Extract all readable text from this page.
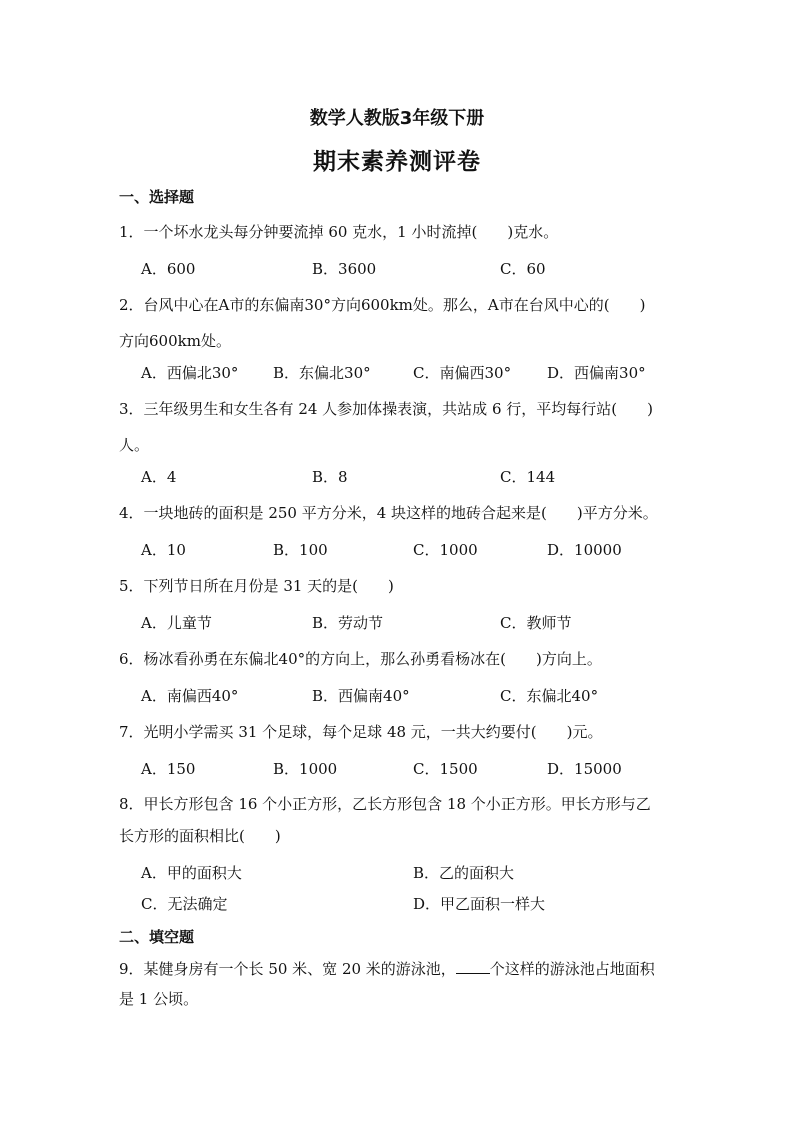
数学人教版3年级下册
期末素养测评卷
一、选择题
1．一个坏水龙头每分钟要流掉 60 克水，1 小时流掉 (  )	克水。
A．600	B．3600	C．60
2．台风中心在A市的东偏南30°方向600km处。那么，A市在台风中心的(  )
方向600km处。
A．西偏北30° B．东偏北30°	C．南偏西30° D．西偏南30°
3．三年级男生和女生各有 24 人参加体操表演，共站成 6 行，平均每行站(  )
人。
A．4	B．8	C．144
4．一块地砖的面积是 250 平方分米，4 块这样的地砖合起来是 (  )	平方分米。
A．10	B．100	C．1000	D．10000
5．下列节日所在月份是 31 天的是(  )
A．儿童节	B．劳动节	C．教师节
6．杨冰看孙勇在东偏北40°的方向上，那么孙勇看杨冰在 (  )	方向上。
A．南偏西40°	B．西偏南40°	C．东偏北40°
7．光明小学需买 31 个足球，每个足球 48 元，一共大约要付 (  )	元。
A．150	B．1000	C．1500	D．15000
8．甲长方形包含 16 个小正方形，乙长方形包含 18 个小正方形。甲长方形与乙
长方形的面积相比(  )
A．甲的面积大	B．乙的面积大
C．无法确定	D．甲乙面积一样大
二、填空题
9．某健身房有一个长 50 米、宽 20 米的游泳池， 个这样的游泳池占地面积
是 1 公顷。
